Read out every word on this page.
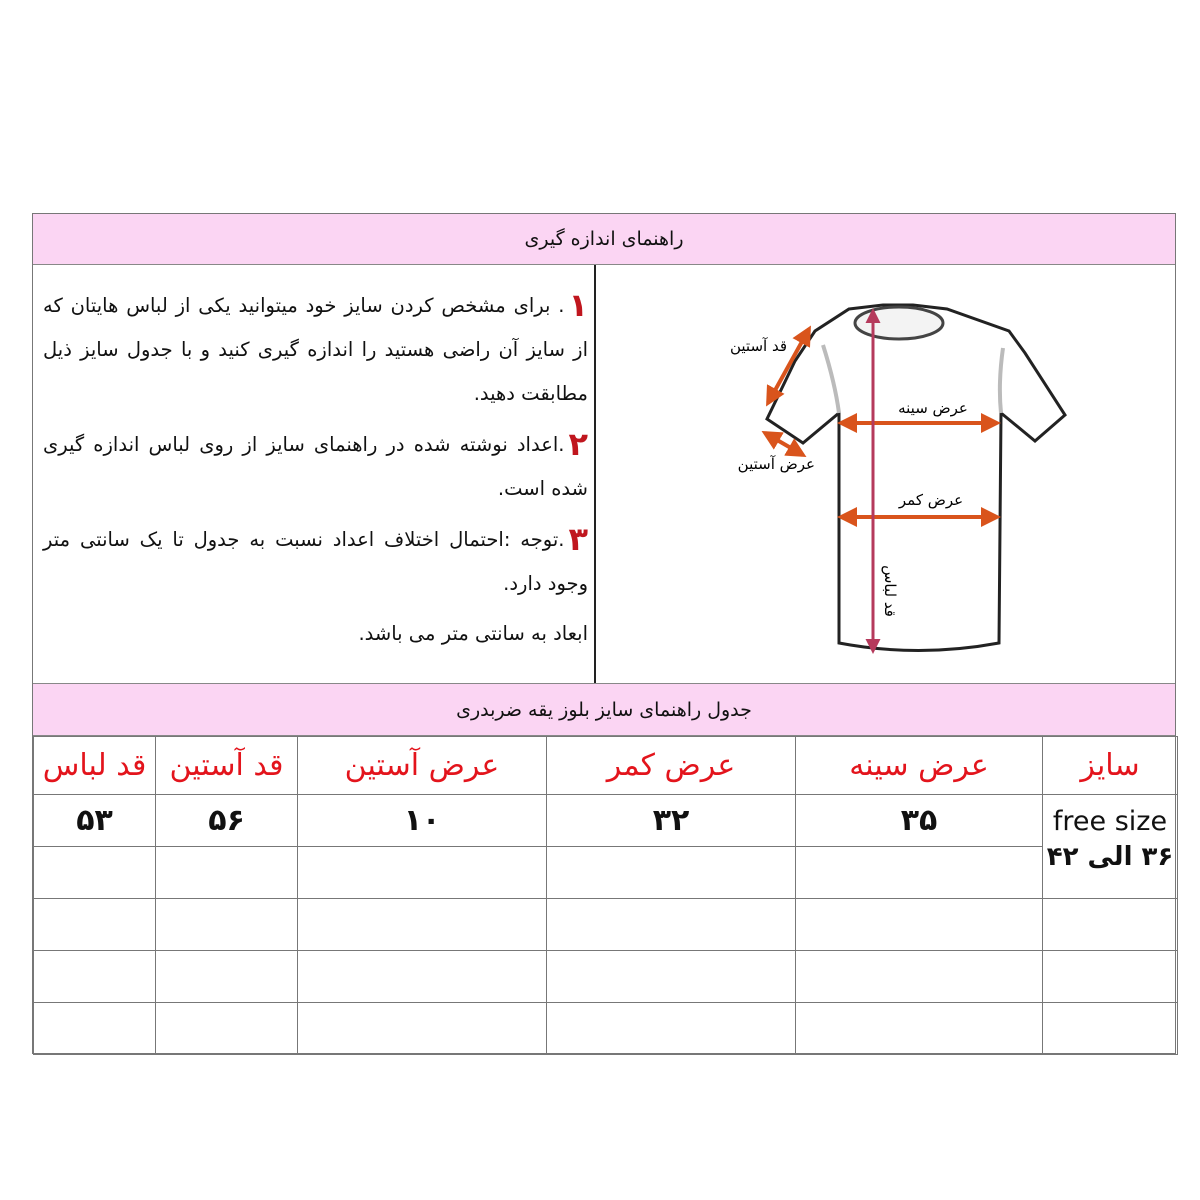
راهنمای اندازه گیری
قد آستین
عرض آستین
عرض سینه
عرض کمر
قد لباس

۱. برای مشخص کردن سایز خود میتوانید یکی از لباس هایتان که از سایز آن راضی هستید را اندازه گیری کنید و با جدول سایز ذیل مطابقت دهید.

۲.اعداد نوشته شده در راهنمای سایز از روی لباس اندازه گیری شده است.

۳.توجه :احتمال اختلاف اعداد نسبت به جدول تا یک سانتی متر وجود دارد.

ابعاد به سانتی متر می باشد.

جدول راهنمای سایز بلوز یقه ضربدری
قد لباس	قد آستین	عرض آستین	عرض کمر	عرض سینه	سایز
۵۳	۵۶	۱۰	۳۲	۳۵	free size
۳۶ الی ۴۲
